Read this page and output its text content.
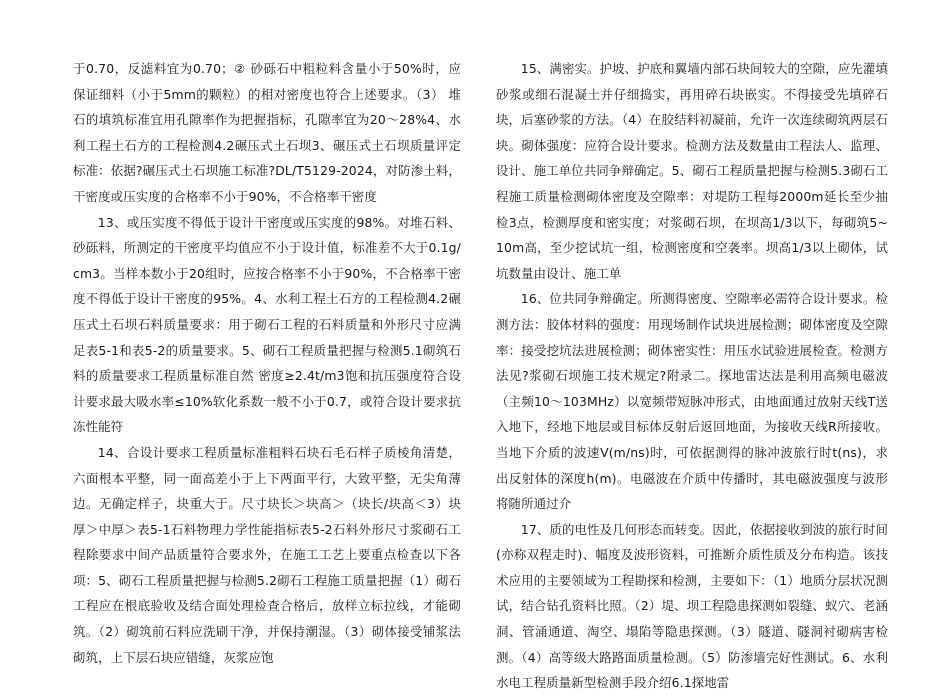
于0.70，反滤料宜为0.70；② 砂砾石中粗粒料含量小于50%时，应保证细料（小于5mm的颗粒）的相对密度也符合上述要求。（3） 堆石的填筑标准宜用孔隙率作为把握指标，孔隙率宜为20～28%4、水利工程土石方的工程检测4.2碾压式土石坝3、碾压式土石坝质量评定标准：依据?碾压式土石坝施工标准?DL/T5129-2024，对防渗土料，干密度或压实度的合格率不小于90%，不合格率干密度

13、或压实度不得低于设计干密度或压实度的98%。对堆石料、砂砾料，所测定的干密度平均值应不小于设计值，标准差不大于0.1g/cm3。当样本数小于20组时，应按合格率不小于90%，不合格率干密度不得低于设计干密度的95%。4、水利工程土石方的工程检测4.2碾压式土石坝石料质量要求：用于砌石工程的石料质量和外形尺寸应满足表5-1和表5-2的质量要求。5、砌石工程质量把握与检测5.1砌筑石料的质量要求工程质量标准自然 密度≥2.4t/m3饱和抗压强度符合设计要求最大吸水率≤10%软化系数一般不小于0.7，或符合设计要求抗冻性能符

14、合设计要求工程质量标准粗料石块石毛石样子质棱角清楚，六面根本平整，同一面高差小于上下两面平行，大致平整，无尖角薄边。无确定样子，块重大于。尺寸块长＞块高＞（块长/块高＜3）块厚＞中厚＞表5-1石料物理力学性能指标表5-2石料外形尺寸浆砌石工程除要求中间产品质量符合要求外，在施工工艺上要重点检查以下各项：5、砌石工程质量把握与检测5.2砌石工程施工质量把握（1）砌石工程应在根底验收及结合面处理检查合格后，放样立标拉线，才能砌筑。（2）砌筑前石料应洗刷干净，并保持潮湿。（3）砌体接受铺浆法砌筑，上下层石块应错缝，灰浆应饱

15、满密实。护坡、护底和翼墙内部石块间较大的空隙，应先灌填砂浆或细石混凝土并仔细捣实，再用碎石块嵌实。不得接受先填碎石块，后塞砂浆的方法。（4）在胶结料初凝前，允许一次连续砌筑两层石块。砌体强度：应符合设计要求。检测方法及数量由工程法人、监理、设计、施工单位共同争辩确定。5、砌石工程质量把握与检测5.3砌石工程施工质量检测砌体密度及空隙率：对堤防工程每2000m延长至少抽检3点，检测厚度和密实度；对浆砌石坝，在坝高1/3以下，每砌筑5~10m高，至少挖试坑一组，检测密度和空袭率。坝高1/3以上砌体，试坑数量由设计、施工单

16、位共同争辩确定。所测得密度、空隙率必需符合设计要求。检测方法：胶体材料的强度：用现场制作试块进展检测；砌体密度及空隙率：接受挖坑法进展检测；砌体密实性：用压水试验进展检查。检测方法见?浆砌石坝施工技术规定?附录二。探地雷达法是利用高频电磁波（主频10～103MHz）以宽频带短脉冲形式，由地面通过放射天线T送入地下，经地下地层或目标体反射后返回地面，为接收天线R所接收。当地下介质的波速V(m/ns)时，可依据测得的脉冲波旅行时t(ns)，求出反射体的深度h(m)。电磁波在介质中传播时，其电磁波强度与波形将随所通过介

17、质的电性及几何形态而转变。因此，依据接收到波的旅行时间(亦称双程走时)、幅度及波形资料，可推断介质性质及分布构造。该技术应用的主要领域为工程勘探和检测，主要如下：（1）地质分层状况测试，结合钻孔资料比照。（2）堤、坝工程隐患探测如裂缝、蚁穴、老涵洞、管涌通道、淘空、塌陷等隐患探测。（3）隧道、隧洞衬砌病害检测。（4）高等级大路路面质量检测。（5）防渗墙完好性测试。6、水利水电工程质量新型检测手段介绍6.1探地雷
